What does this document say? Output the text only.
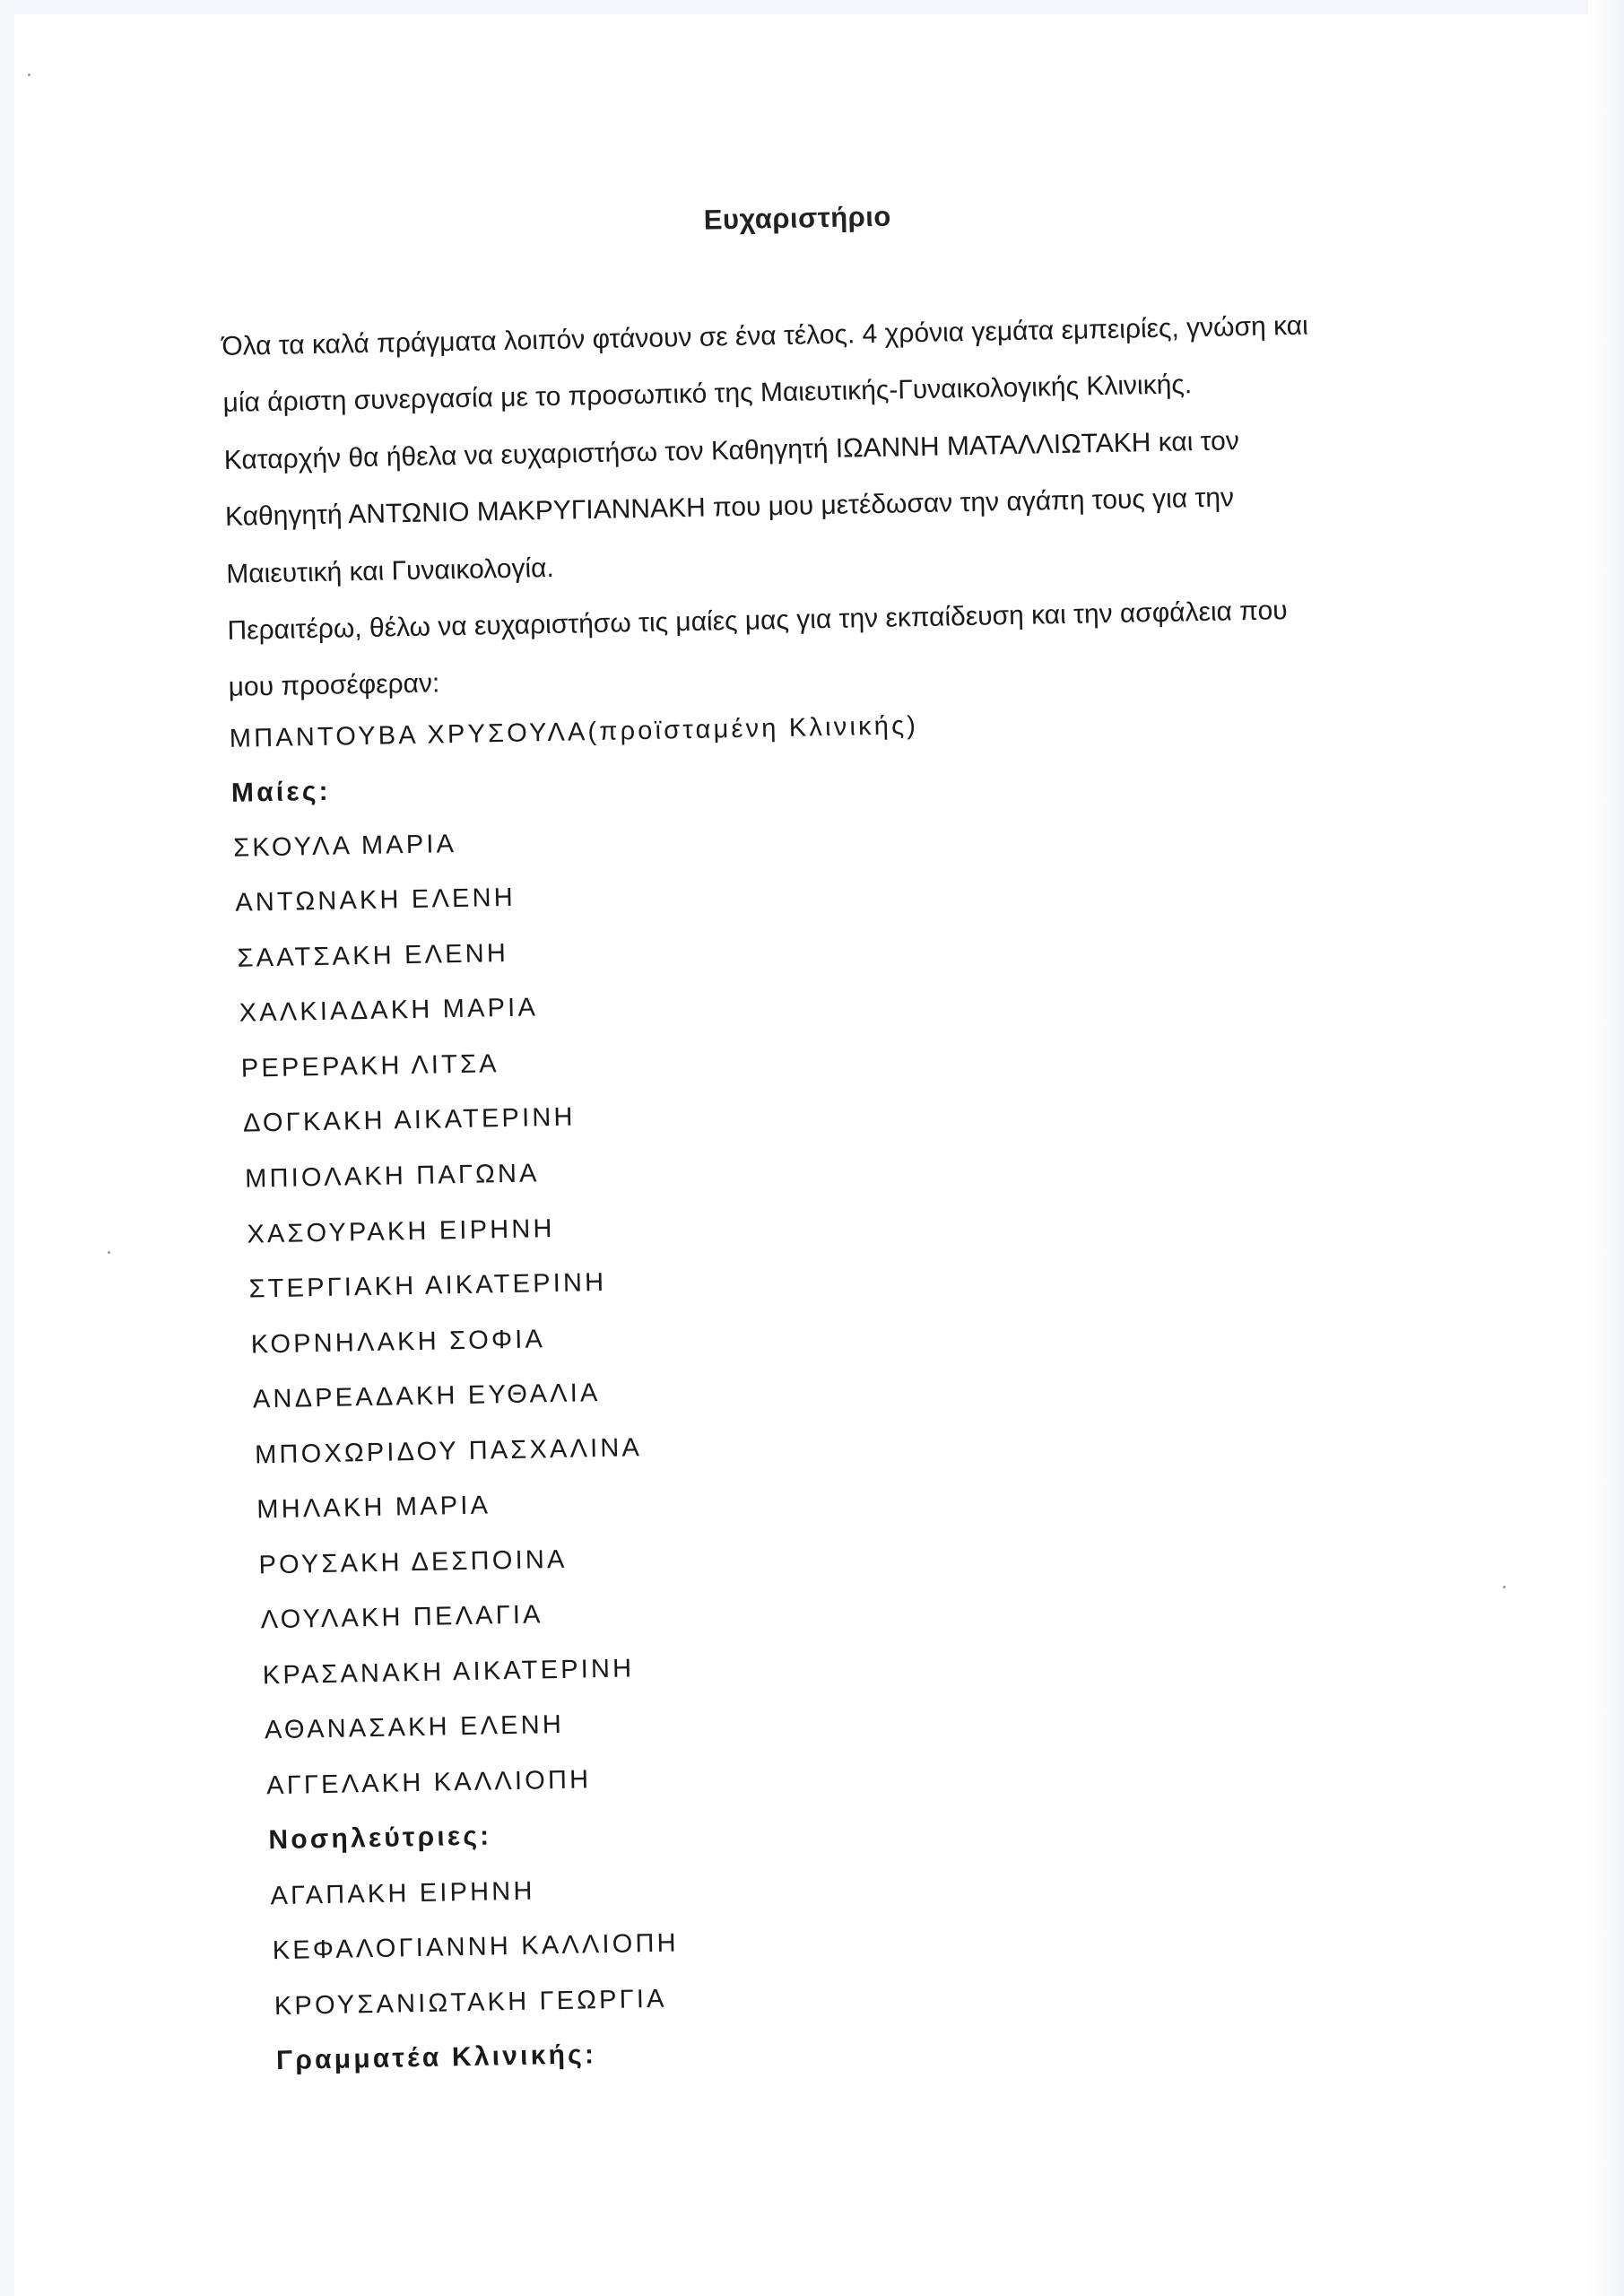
Ευχαριστήριο
Όλα τα καλά πράγματα λοιπόν φτάνουν σε ένα τέλος. 4 χρόνια γεμάτα εμπειρίες, γνώση και
μία άριστη συνεργασία με το προσωπικό της Μαιευτικής-Γυναικολογικής Κλινικής.
Καταρχήν θα ήθελα να ευχαριστήσω τον Καθηγητή ΙΩΑΝΝΗ ΜΑΤΑΛΛΙΩΤΑΚΗ και τον
Καθηγητή ΑΝΤΩΝΙΟ ΜΑΚΡΥΓΙΑΝΝΑΚΗ που μου μετέδωσαν την αγάπη τους για την
Μαιευτική και Γυναικολογία.
Περαιτέρω, θέλω να ευχαριστήσω τις μαίες μας για την εκπαίδευση και την ασφάλεια που
μου προσέφεραν:
ΜΠΑΝΤΟΥΒΑ ΧΡΥΣΟΥΛΑ(προϊσταμένη Κλινικής)
Μαίες:
ΣΚΟΥΛΑ ΜΑΡΙΑ
ΑΝΤΩΝΑΚΗ ΕΛΕΝΗ
ΣΑΑΤΣΑΚΗ ΕΛΕΝΗ
ΧΑΛΚΙΑΔΑΚΗ ΜΑΡΙΑ
ΡΕΡΕΡΑΚΗ ΛΙΤΣΑ
ΔΟΓΚΑΚΗ ΑΙΚΑΤΕΡΙΝΗ
ΜΠΙΟΛΑΚΗ ΠΑΓΩΝΑ
ΧΑΣΟΥΡΑΚΗ ΕΙΡΗΝΗ
ΣΤΕΡΓΙΑΚΗ ΑΙΚΑΤΕΡΙΝΗ
ΚΟΡΝΗΛΑΚΗ ΣΟΦΙΑ
ΑΝΔΡΕΑΔΑΚΗ ΕΥΘΑΛΙΑ
ΜΠΟΧΩΡΙΔΟΥ ΠΑΣΧΑΛΙΝΑ
ΜΗΛΑΚΗ ΜΑΡΙΑ
ΡΟΥΣΑΚΗ ΔΕΣΠΟΙΝΑ
ΛΟΥΛΑΚΗ ΠΕΛΑΓΙΑ
ΚΡΑΣΑΝΑΚΗ ΑΙΚΑΤΕΡΙΝΗ
ΑΘΑΝΑΣΑΚΗ ΕΛΕΝΗ
ΑΓΓΕΛΑΚΗ ΚΑΛΛΙΟΠΗ
Νοσηλεύτριες:
ΑΓΑΠΑΚΗ ΕΙΡΗΝΗ
ΚΕΦΑΛΟΓΙΑΝΝΗ ΚΑΛΛΙΟΠΗ
ΚΡΟΥΣΑΝΙΩΤΑΚΗ ΓΕΩΡΓΙΑ
Γραμματέα Κλινικής:
